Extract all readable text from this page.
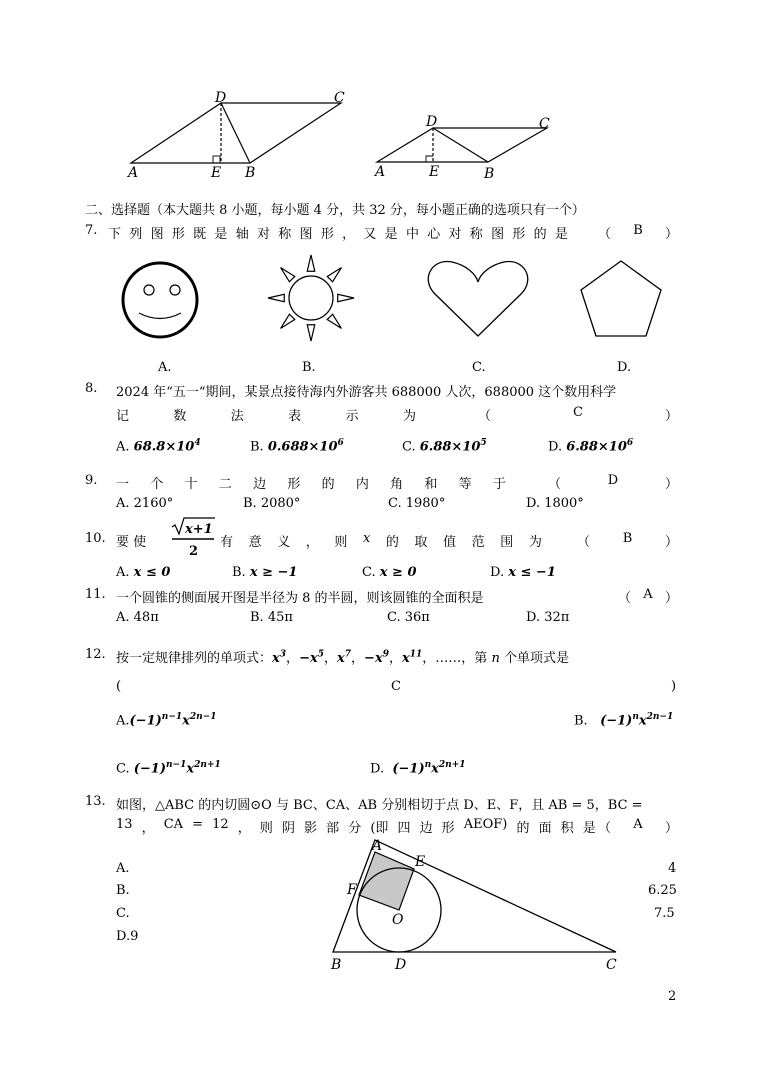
D	C
A	E B
D	C
A	E	B
二、选择题（本大题共 8 小题，每小题 4 分，共 32 分，每小题正确的选项只有一个）
7. 下 列 图 形 既 是 轴 对 称 图 形 ， 又 是 中 心 对 称 图 形 的 是 （ B ）
A.	B.	C.	D.
8. 2024 年“五一“期间，某景点接待海内外游客共 688000 人次，688000 这个数用科学
记	数	法	表	示	为	（	C	）
A. $68.8\times 10^4$	B. $0.688\times 10^6$	C. $6.88\times 10^5$	D. $6.88\times 10^6$
9. 一 个 十 二 边 形 的 内 角 和 等 于	（	D	）
A. 2160°	B. 2080°	C. 1980°	D. 1800°
10. 要 使
x+1
2
有 意 义 ， 则 x 的 取 值 范 围 为	（	B	）
A. x ≤ 0	B. x ≥ −1	C. x ≥ 0	D. x ≤ −1
11. 一个圆锥的侧面展开图是半径为 8 的半圆，则该圆锥的全面积是	（ A ）
A. 48π	B. 45π	C. 36π	D. 32π
12. 按一定规律排列的单项式：$x^3$，$-x^5$，$x^7$，$-x^9$，$x^{11}$，……，第 n 个单项式是
(	C	)
$A.(-1)^{n-1}x^{2n-1}$	B. $(-1)^nx^{2n-1}$
C. $(-1)^{n-1}x^{2n+1}$	D. $(-1)^nx^{2n+1}$
13. 如图，△ABC 的内切圆⊙O 与 BC、CA、AB 分别相切于点 D、E、F，且 AB = 5，BC =
13 ， CA = 12 ， 则 阴 影 部 分 (即 四 边 形 AEOF) 的 面 积 是 （ A ）
A.	4
B.	6.25
C.	7.5
D.9
A
E
F
O
B	D	C
2
